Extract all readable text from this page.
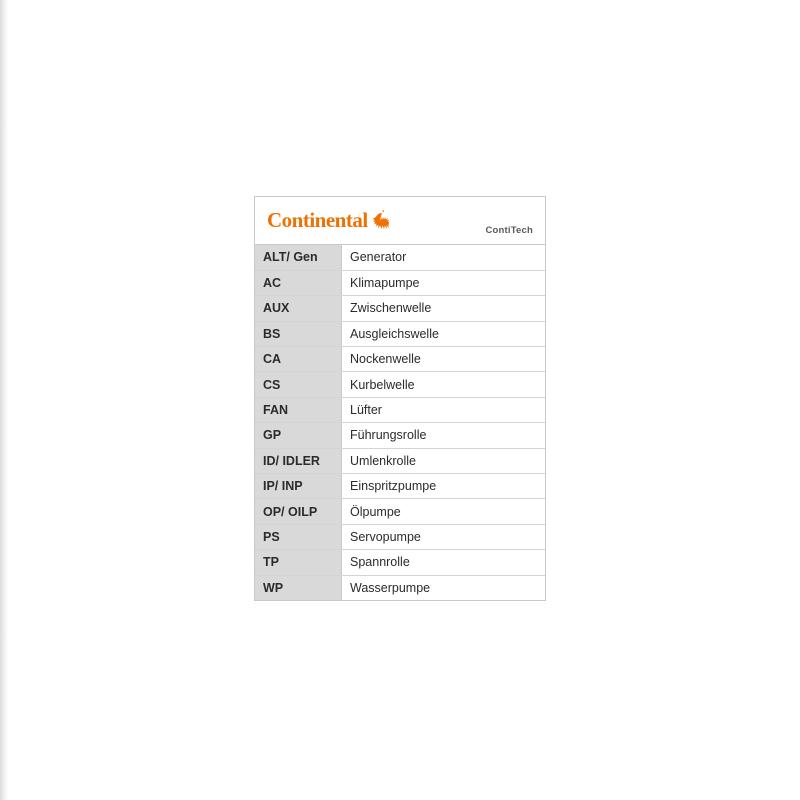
Continental	ContiTech
ALT/ Gen	Generator
AC	Klimapumpe
AUX	Zwischenwelle
BS	Ausgleichswelle
CA	Nockenwelle
CS	Kurbelwelle
FAN	Lüfter
GP	Führungsrolle
ID/ IDLER	Umlenkrolle
IP/ INP	Einspritzpumpe
OP/ OILP	Ölpumpe
PS	Servopumpe
TP	Spannrolle
WP	Wasserpumpe
